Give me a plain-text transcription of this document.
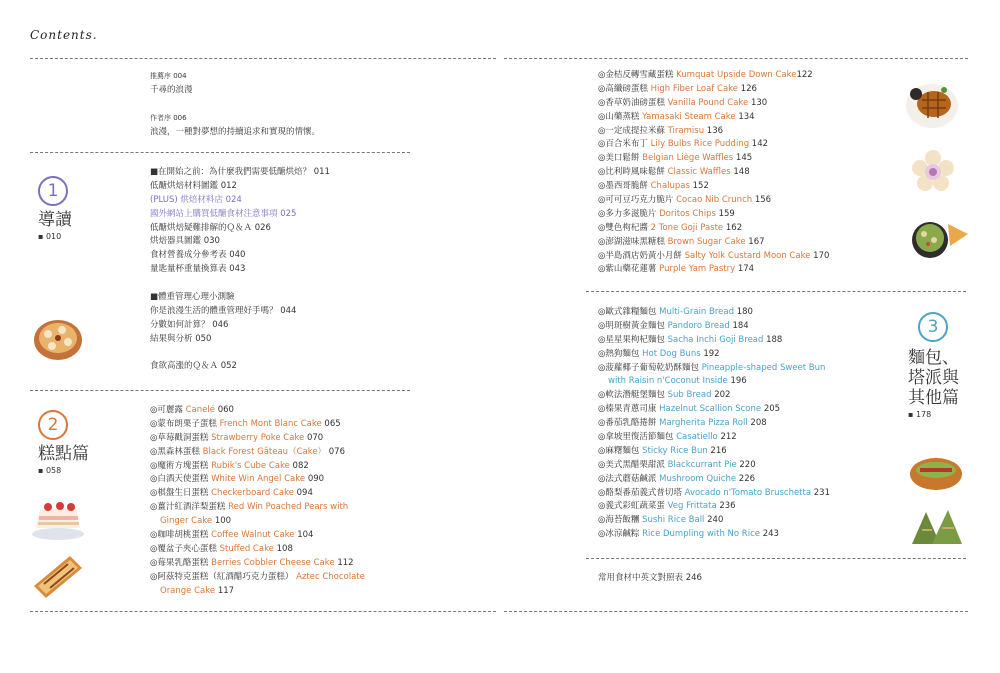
Contents.
1
導讀
▪ 010
2
糕點篇
▪ 058
3
麵包、
塔派與
其他篇
▪ 178
推薦序 004
千尋的浪漫
作者序 006
浪漫，一種對夢想的持續追求和實現的情懷。
■在開始之前：為什麼我們需要低醣烘焙？ 011
低醣烘焙材料圖鑑 012
(PLUS) 烘焙材料店 024
國外網站上購買低醣食材注意事項 025
低醣烘焙疑難排解的Ｑ＆Ａ 026
烘焙器具圖鑑 030
食材營養成分參考表 040
量匙量杯重量換算表 043
■體重管理心理小測驗
你是浪漫生活的體重管理好手嗎？ 044
分數如何計算？ 046
結果與分析 050
食欲高漲的Ｑ＆Ａ 052
◎可麗露 Canelé 060
◎蒙布朗栗子蛋糕 French Mont Blanc Cake 065
◎草莓戳洞蛋糕 Strawberry Poke Cake 070
◎黑森林蛋糕 Black Forest Gâteau（Cake） 076
◎魔術方塊蛋糕 Rubik's Cube Cake 082
◎白酒天使蛋糕 White Win Angel Cake 090
◎棋盤生日蛋糕 Checkerboard Cake 094
◎薑汁紅酒洋梨蛋糕 Red Win Poached Pears with
Ginger Cake 100
◎咖啡胡桃蛋糕 Coffee Walnut Cake 104
◎覆盆子夾心蛋糕 Stuffed Cake 108
◎莓果乳酪蛋糕 Berries Cobbler Cheese Cake 112
◎阿茲特克蛋糕（紅酒醋巧克力蛋糕） Aztec Chocolate
Orange Cake 117
◎金桔反轉雪藏蛋糕 Kumquat Upside Down Cake122
◎高纖磅蛋糕 High Fiber Loaf Cake 126
◎香草奶油磅蛋糕 Vanilla Pound Cake 130
◎山藥蒸糕 Yamasaki Steam Cake 134
◎一定成提拉米蘇 Tiramisu 136
◎百合米布丁 Lily Bulbs Rice Pudding 142
◎美口鬆餅 Belgian Liège Waffles 145
◎比利時風味鬆餅 Classic Waffles 148
◎墨西哥脆餅 Chalupas 152
◎可可豆巧克力脆片 Cocao Nib Crunch 156
◎多力多滋脆片 Doritos Chips 159
◎雙色枸杞醬 2 Tone Goji Paste 162
◎澎湖滋味黑糖糕 Brown Sugar Cake 167
◎半島酒店奶黃小月餅 Salty Yolk Custard Moon Cake 170
◎紫山藥花蓮薯 Purple Yam Pastry 174
◎歐式雜糧麵包 Multi-Grain Bread 180
◎明斑樹黃金麵包 Pandoro Bread 184
◎星星果枸杞麵包 Sacha Inchi Goji Bread 188
◎熱狗麵包 Hot Dog Buns 192
◎菠蘿椰子葡萄乾奶酥麵包 Pineapple-shaped Sweet Bun
with Raisin n'Coconut Inside 196
◎軟法潛艇堡麵包 Sub Bread 202
◎榛果青蔥司康 Hazelnut Scallion Scone 205
◎番茄乳酪捲餅 Margherita Pizza Roll 208
◎拿坡里復活節麵包 Casatiello 212
◎麻糬麵包 Sticky Rice Bun 216
◎美式黑醋栗甜派 Blackcurrant Pie 220
◎法式蘑菇鹹派 Mushroom Quiche 226
◎酪梨番茄義式普切塔 Avocado n'Tomato Bruschetta 231
◎義式彩虹蔬菜蛋 Veg Frittata 236
◎海苔飯糰 Sushi Rice Ball 240
◎冰涼鹹粽 Rice Dumpling with No Rice 243
常用食材中英文對照表 246
